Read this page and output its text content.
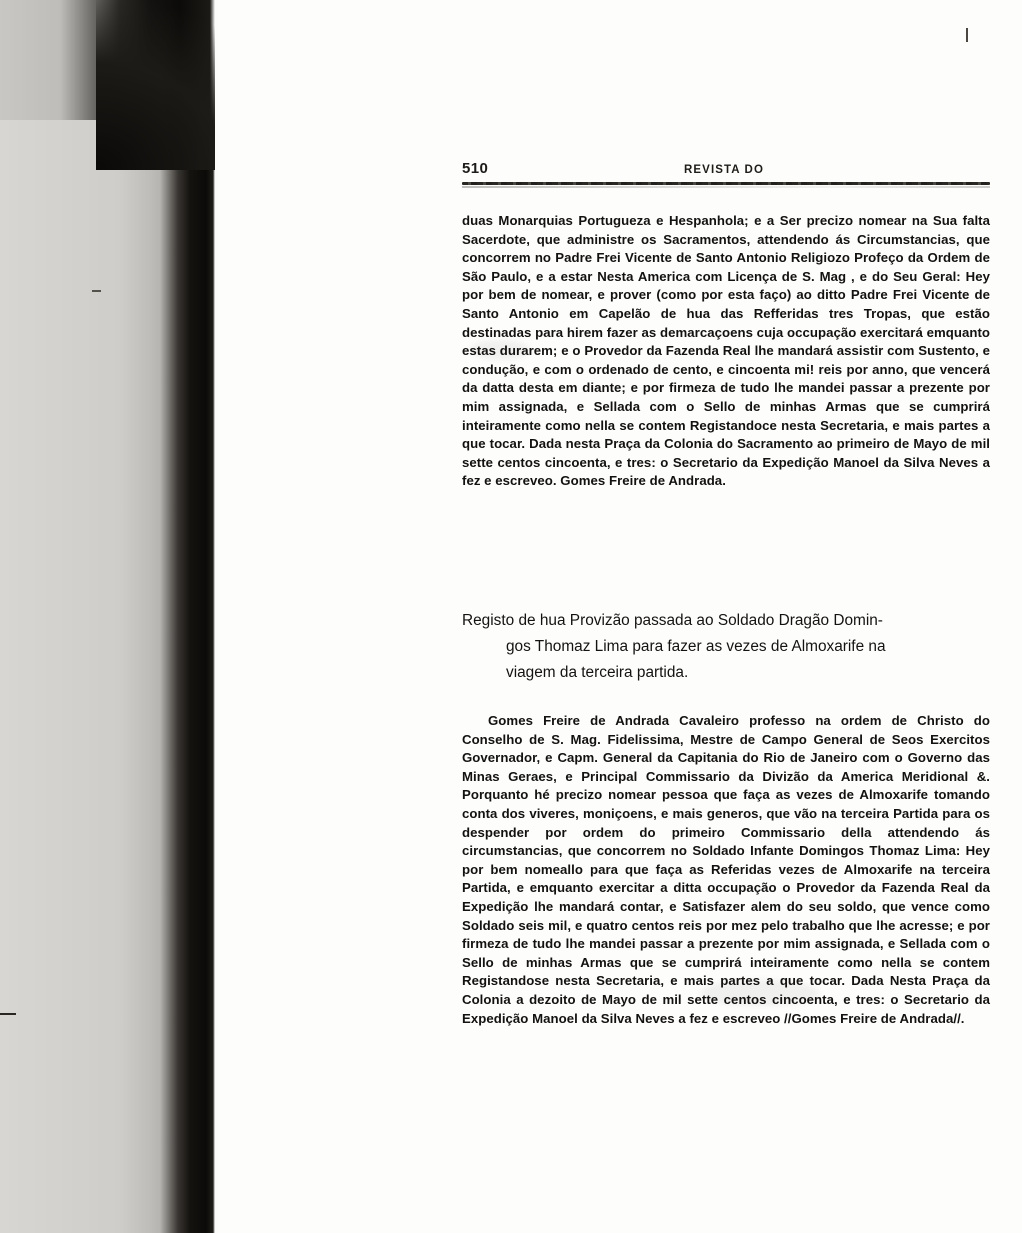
510	REVISTA DO

duas Monarquias Portugueza e Hespanhola; e a Ser precizo nomear na Sua falta Sacerdote, que administre os Sacramentos, attendendo ás Circumstancias, que concorrem no Padre Frei Vicente de Santo Antonio Religiozo Profeço da Ordem de São Paulo, e a estar Nesta America com Licença de S. Mag , e do Seu Geral: Hey por bem de nomear, e prover (como por esta faço) ao ditto Padre Frei Vicente de Santo Antonio em Capelão de hua das Refferidas tres Tropas, que estão destinadas para hirem fazer as demarcaçoens cuja occupação exercitará emquanto estas durarem; e o Provedor da Fazenda Real lhe mandará assistir com Sustento, e condução, e com o ordenado de cento, e cincoenta mi! reis por anno, que vencerá da datta desta em diante; e por firmeza de tudo lhe mandei passar a prezente por mim assignada, e Sellada com o Sello de minhas Armas que se cumprirá inteiramente como nella se contem Registandoce nesta Secretaria, e mais partes a que tocar. Dada nesta Praça da Colonia do Sacramento ao primeiro de Mayo de mil sette centos cincoenta, e tres: o Secretario da Expedição Manoel da Silva Neves a fez e escreveo. Gomes Freire de Andrada.

Registo de hua Provizão passada ao Soldado Dragão Domin-
gos Thomaz Lima para fazer as vezes de Almoxarife na
viagem da terceira partida.

Gomes Freire de Andrada Cavaleiro professo na ordem de Christo do Conselho de S. Mag. Fidelissima, Mestre de Campo General de Seos Exercitos Governador, e Capm. General da Capitania do Rio de Janeiro com o Governo das Minas Geraes, e Principal Commissario da Divizão da America Meridional &. Porquanto hé precizo nomear pessoa que faça as vezes de Almoxarife tomando conta dos viveres, moniçoens, e mais generos, que vão na terceira Partida para os despender por ordem do primeiro Commissario della attendendo ás circumstancias, que concorrem no Soldado Infante Domingos Thomaz Lima: Hey por bem nomeallo para que faça as Referidas vezes de Almoxarife na terceira Partida, e emquanto exercitar a ditta occupação o Provedor da Fazenda Real da Expedição lhe mandará contar, e Satisfazer alem do seu soldo, que vence como Soldado seis mil, e quatro centos reis por mez pelo trabalho que lhe acresse; e por firmeza de tudo lhe mandei passar a prezente por mim assignada, e Sellada com o Sello de minhas Armas que se cumprirá inteiramente como nella se contem Registandose nesta Secretaria, e mais partes a que tocar. Dada Nesta Praça da Colonia a dezoito de Mayo de mil sette centos cincoenta, e tres: o Secretario da Expedição Manoel da Silva Neves a fez e escreveo //Gomes Freire de Andrada//.
